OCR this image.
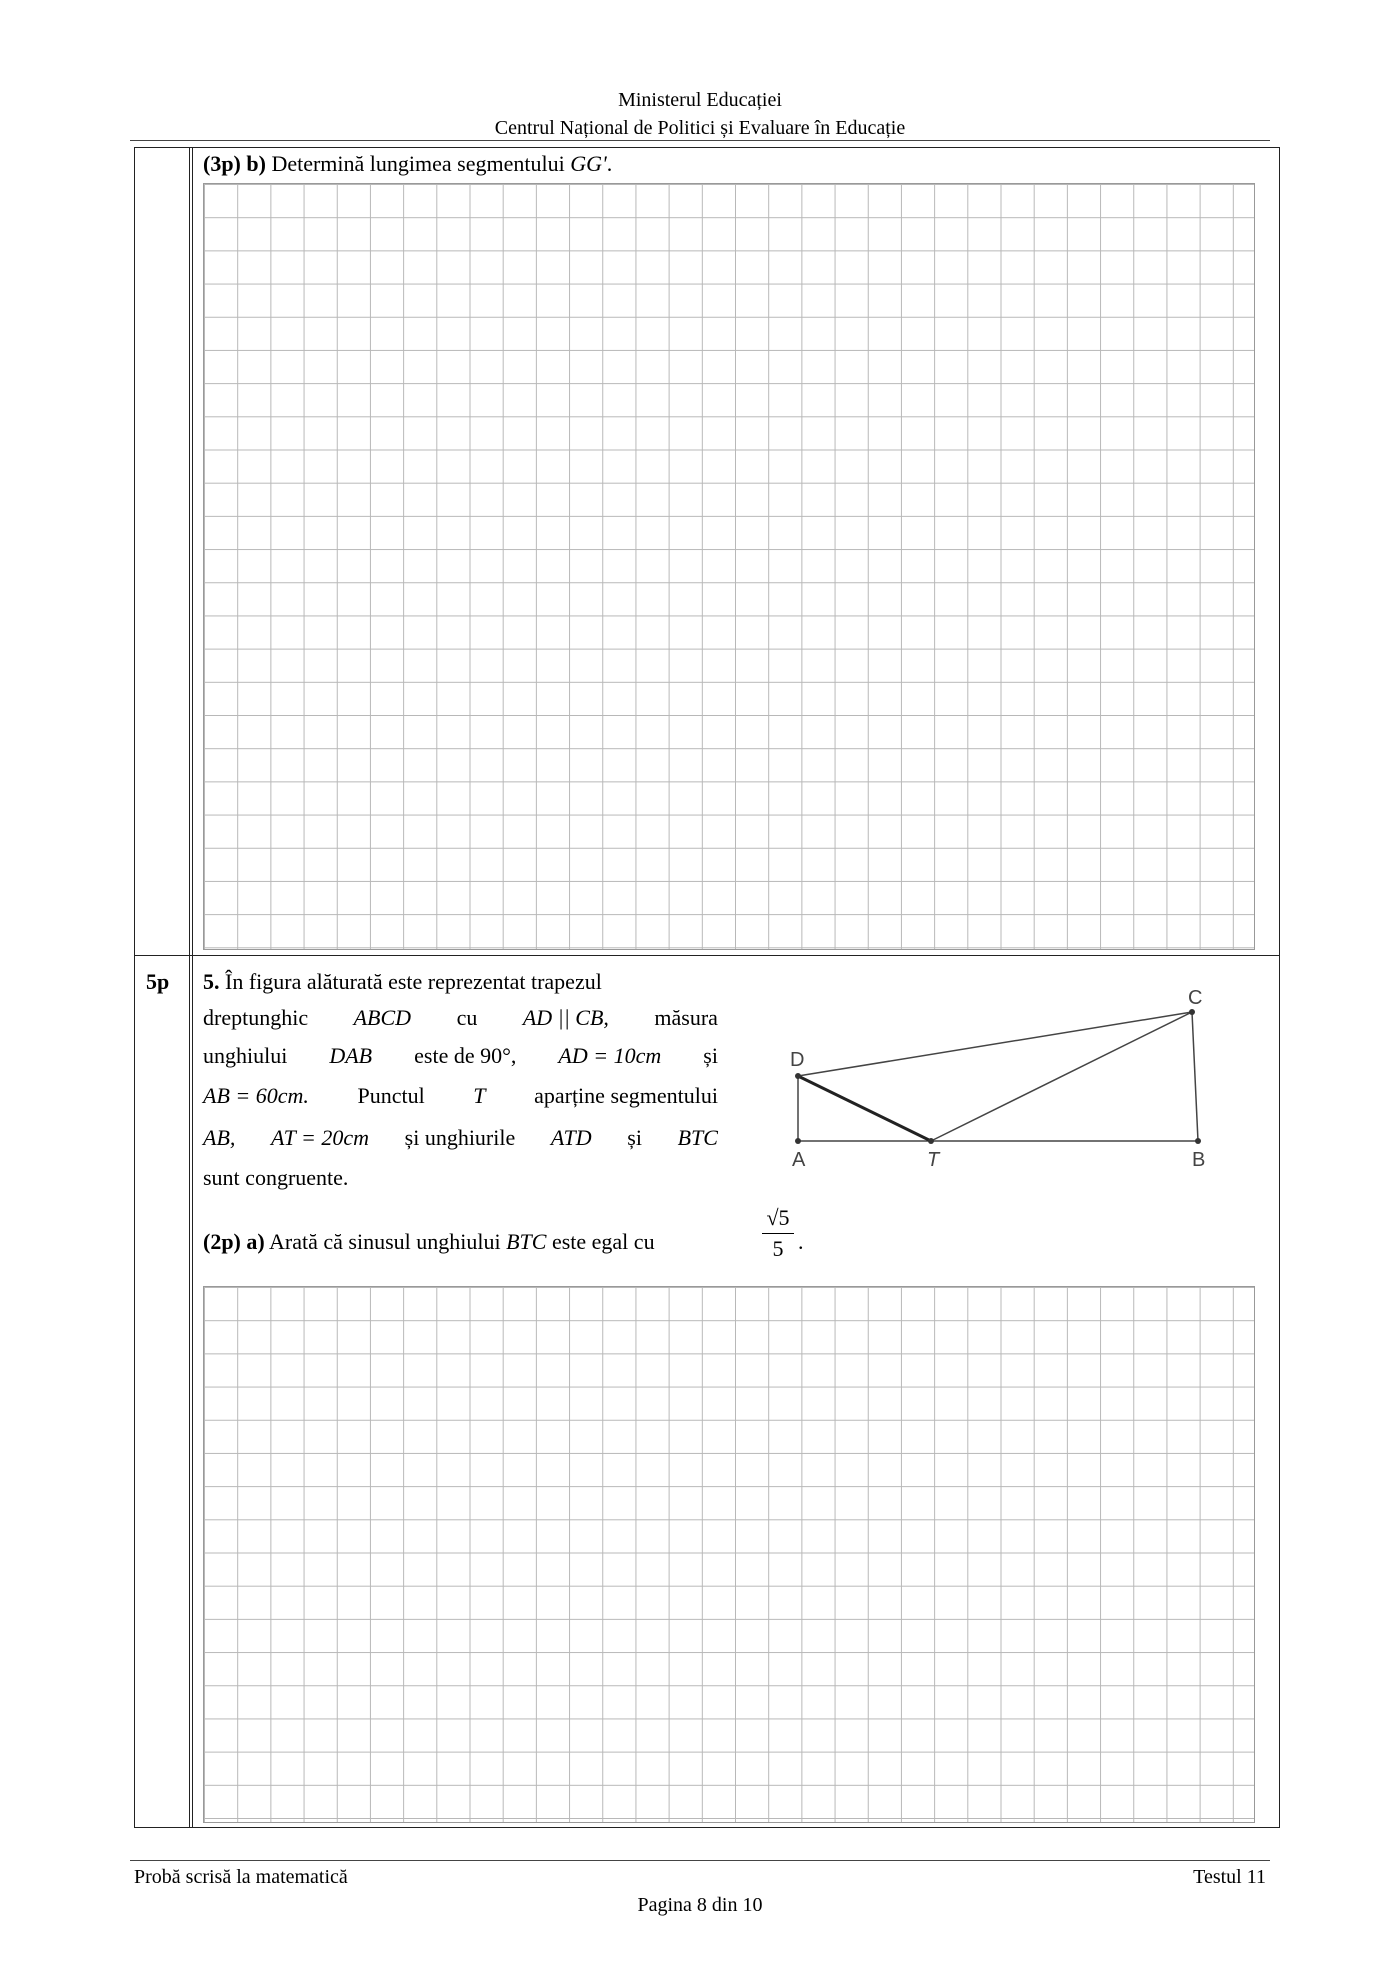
Ministerul Educației
Centrul Național de Politici și Evaluare în Educație
(3p) b) Determină lungimea segmentului GG'.
5p 5. În figura alăturată este reprezentat trapezul
dreptunghic ABCD cu AD || CB, măsura
unghiului DAB este de 90°, AD = 10cm și
AB = 60cm. Punctul T aparține segmentului
AB, AT = 20cm și unghiurile ATD și BTC
sunt congruente.
(2p) a) Arată că sinusul unghiului BTC este egal cu
√5
5 .
A	T	B
C
D
Probă scrisă la matematică	Testul 11
Pagina 8 din 10
